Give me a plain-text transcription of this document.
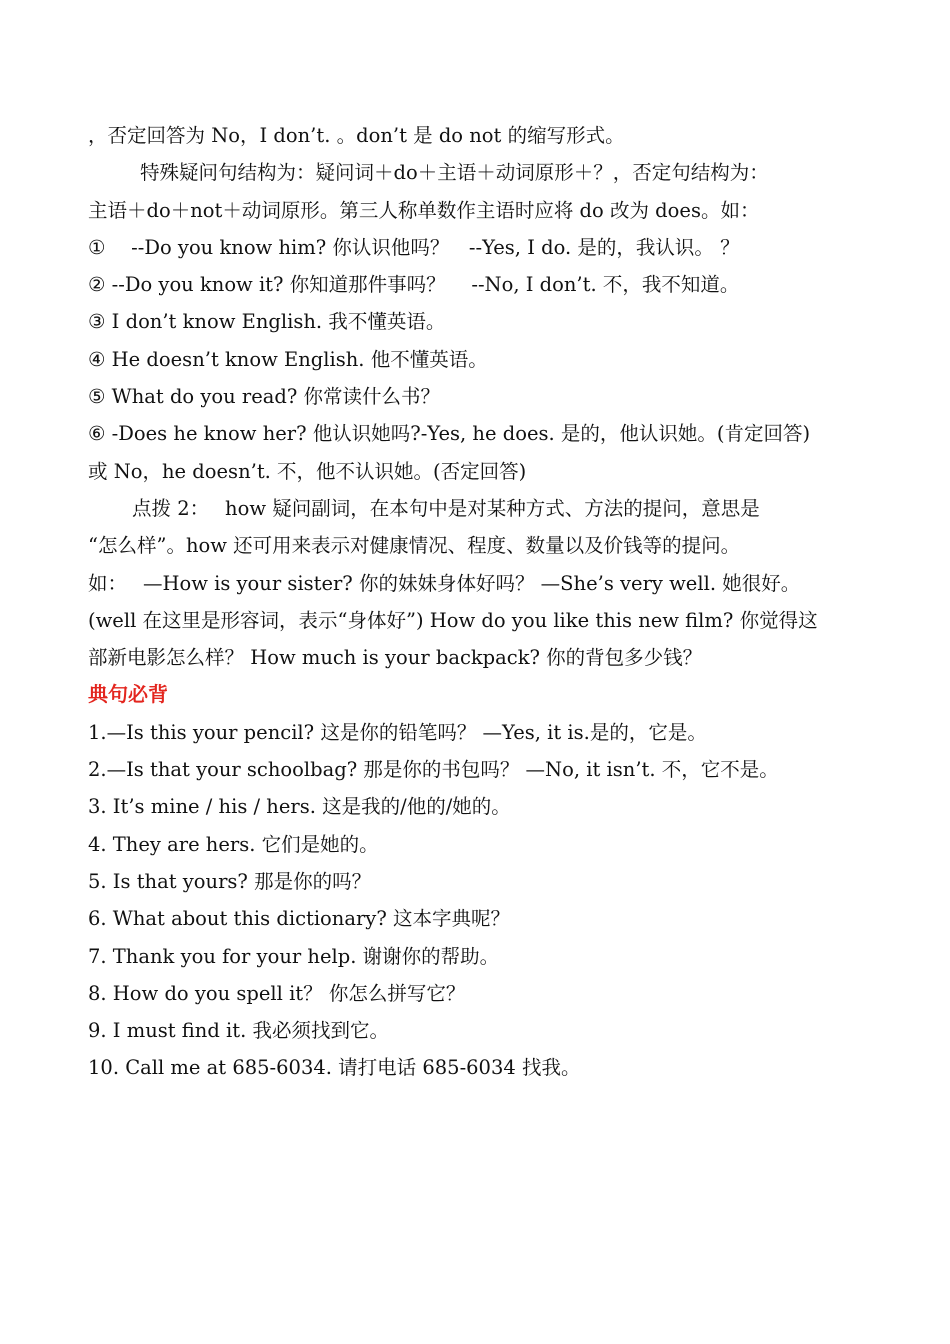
，否定回答为 No，I don’t. 。don’t 是 do not 的缩写形式。
特殊疑问句结构为：疑问词＋do＋主语＋动词原形＋？，否定句结构为：
主语＋do＋not＋动词原形。第三人称单数作主语时应将 do 改为 does。如：
①　 --Do you know him? 你认识他吗？　--Yes, I do. 是的，我认识。 ？
② --Do you know it? 你知道那件事吗？　 --No, I don’t. 不，我不知道。
③ I don’t know English. 我不懂英语。
④ He doesn’t know English. 他不懂英语。
⑤ What do you read? 你常读什么书？
⑥ -Does he know her? 他认识她吗?-Yes, he does. 是的，他认识她。(肯定回答)
或 No，he doesn’t. 不，他不认识她。(否定回答)
点拨 2：　 how 疑问副词，在本句中是对某种方式、方法的提问，意思是
“怎么样”。how 还可用来表示对健康情况、程度、数量以及价钱等的提问。
如：　 —How is your sister? 你的妹妹身体好吗？ —She’s very well. 她很好。
(well 在这里是形容词，表示“身体好”) How do you like this new film? 你觉得这
部新电影怎么样？ How much is your backpack? 你的背包多少钱？
典句必背
1.—Is this your pencil? 这是你的铅笔吗？ —Yes, it is.是的，它是。
2.—Is that your schoolbag? 那是你的书包吗？ —No, it isn’t. 不，它不是。
3. It’s mine / his / hers. 这是我的/他的/她的。
4. They are hers. 它们是她的。
5. Is that yours? 那是你的吗？
6. What about this dictionary? 这本字典呢？
7. Thank you for your help. 谢谢你的帮助。
8. How do you spell it？ 你怎么拼写它？
9. I must find it. 我必须找到它。
10. Call me at 685-6034. 请打电话 685-6034 找我。
